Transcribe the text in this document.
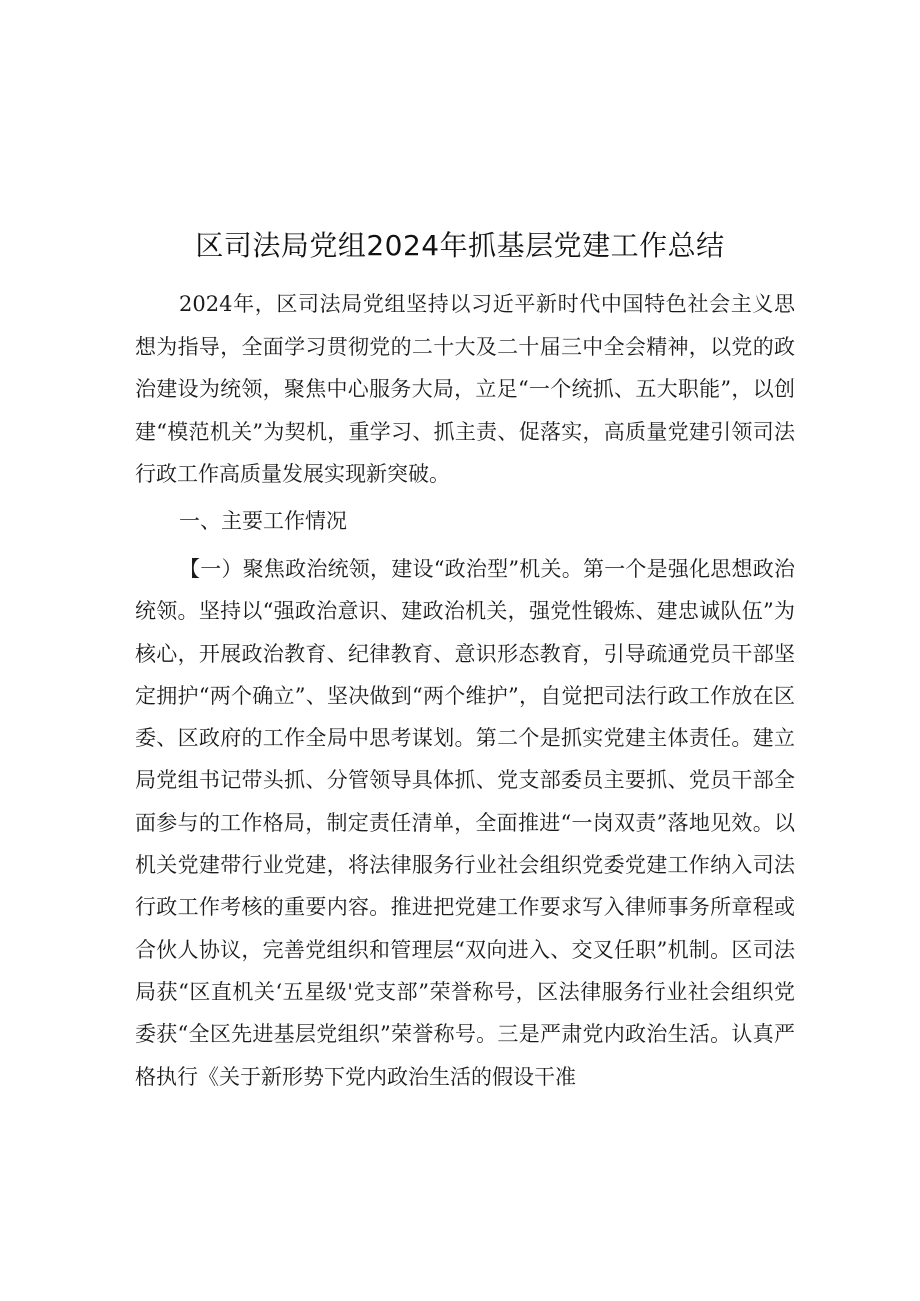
区司法局党组2024年抓基层党建工作总结
2024年，区司法局党组坚持以习近平新时代中国特色社会主义思想为指导，全面学习贯彻党的二十大及二十届三中全会精神，以党的政治建设为统领，聚焦中心服务大局，立足“一个统抓、五大职能”，以创建“模范机关”为契机，重学习、抓主责、促落实，高质量党建引领司法行政工作高质量发展实现新突破。
一、主要工作情况
【一）聚焦政治统领，建设“政治型”机关。第一个是强化思想政治统领。坚持以“强政治意识、建政治机关，强党性锻炼、建忠诚队伍”为核心，开展政治教育、纪律教育、意识形态教育，引导疏通党员干部坚定拥护“两个确立”、坚决做到“两个维护”，自觉把司法行政工作放在区委、区政府的工作全局中思考谋划。第二个是抓实党建主体责任。建立局党组书记带头抓、分管领导具体抓、党支部委员主要抓、党员干部全面参与的工作格局，制定责任清单，全面推进“一岗双责”落地见效。以机关党建带行业党建，将法律服务行业社会组织党委党建工作纳入司法行政工作考核的重要内容。推进把党建工作要求写入律师事务所章程或合伙人协议，完善党组织和管理层“双向进入、交叉任职”机制。区司法局获“区直机关‘五星级'党支部”荣誉称号，区法律服务行业社会组织党委获“全区先进基层党组织”荣誉称号。三是严肃党内政治生活。认真严格执行《关于新形势下党内政治生活的假设干准
